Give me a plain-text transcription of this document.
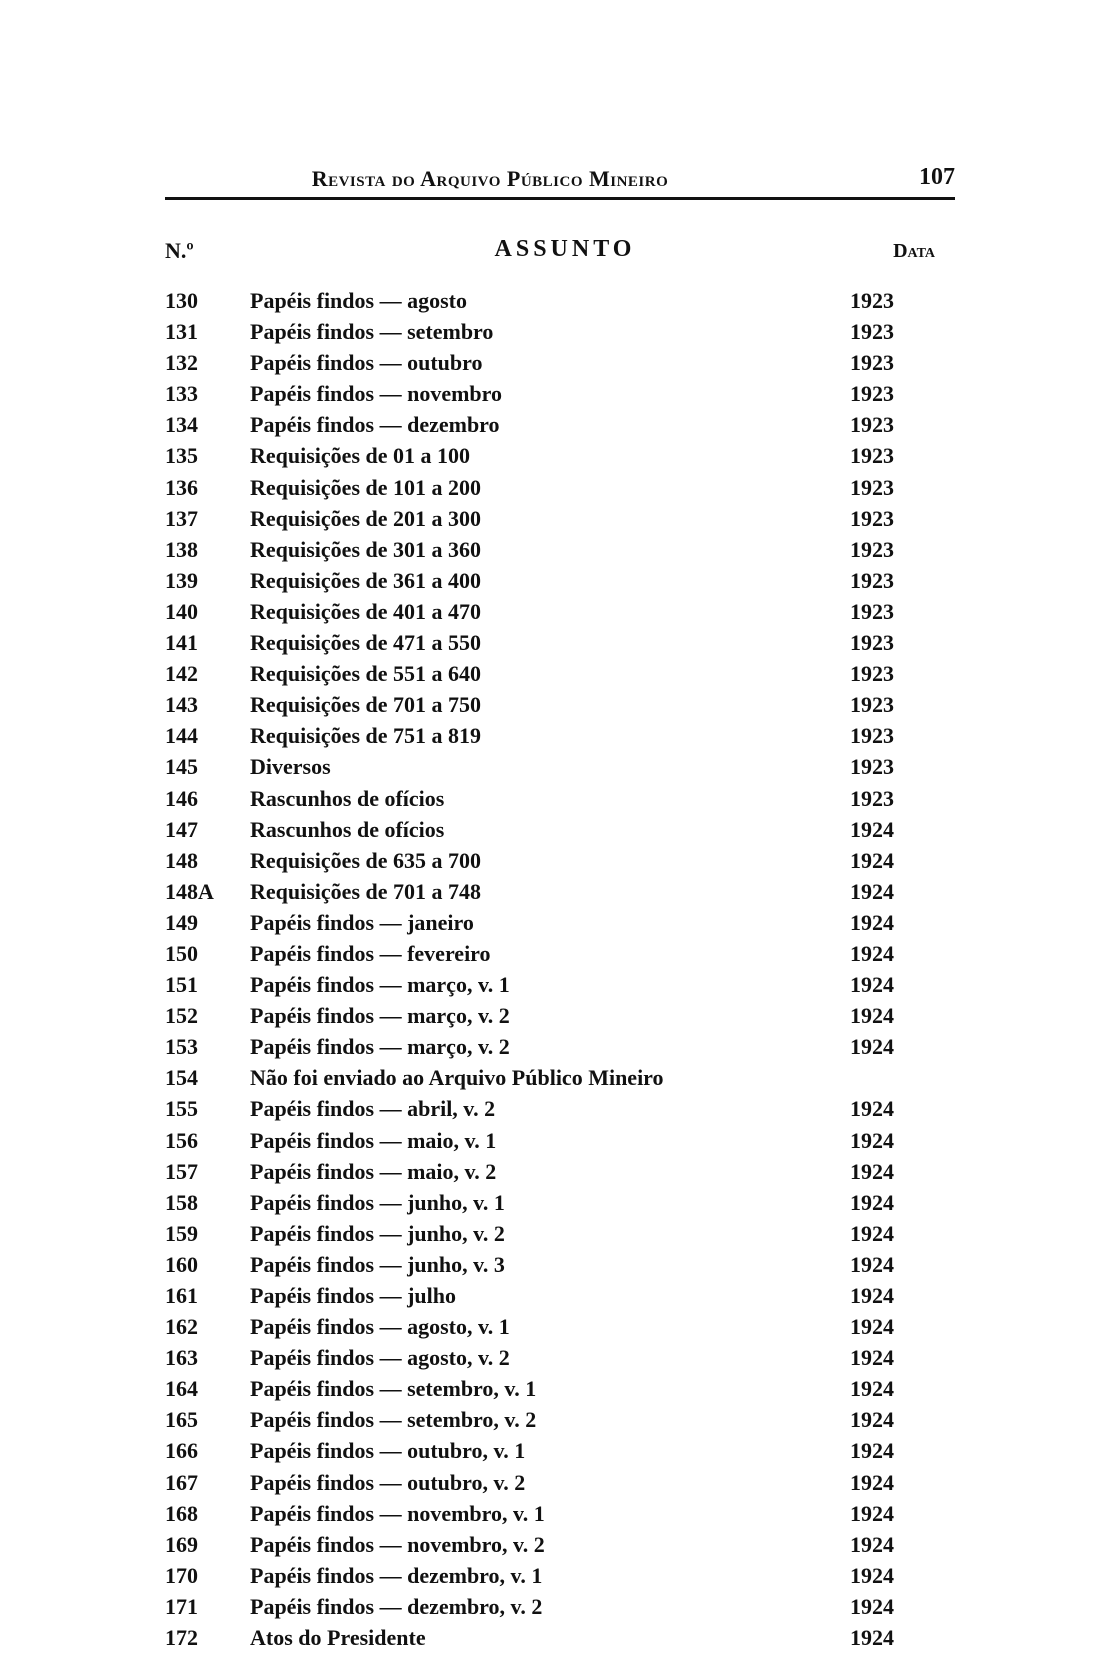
Revista do Arquivo Público Mineiro	107
N.º	ASSUNTO	Data
130	Papéis findos — agosto	1923
131	Papéis findos — setembro	1923
132	Papéis findos — outubro	1923
133	Papéis findos — novembro	1923
134	Papéis findos — dezembro	1923
135	Requisições de 01 a 100	1923
136	Requisições de 101 a 200	1923
137	Requisições de 201 a 300	1923
138	Requisições de 301 a 360	1923
139	Requisições de 361 a 400	1923
140	Requisições de 401 a 470	1923
141	Requisições de 471 a 550	1923
142	Requisições de 551 a 640	1923
143	Requisições de 701 a 750	1923
144	Requisições de 751 a 819	1923
145	Diversos	1923
146	Rascunhos de ofícios	1923
147	Rascunhos de ofícios	1924
148	Requisições de 635 a 700	1924
148A	Requisições de 701 a 748	1924
149	Papéis findos — janeiro	1924
150	Papéis findos — fevereiro	1924
151	Papéis findos — março, v. 1	1924
152	Papéis findos — março, v. 2	1924
153	Papéis findos — março, v. 2	1924
154	Não foi enviado ao Arquivo Público Mineiro
155	Papéis findos — abril, v. 2	1924
156	Papéis findos — maio, v. 1	1924
157	Papéis findos — maio, v. 2	1924
158	Papéis findos — junho, v. 1	1924
159	Papéis findos — junho, v. 2	1924
160	Papéis findos — junho, v. 3	1924
161	Papéis findos — julho	1924
162	Papéis findos — agosto, v. 1	1924
163	Papéis findos — agosto, v. 2	1924
164	Papéis findos — setembro, v. 1	1924
165	Papéis findos — setembro, v. 2	1924
166	Papéis findos — outubro, v. 1	1924
167	Papéis findos — outubro, v. 2	1924
168	Papéis findos — novembro, v. 1	1924
169	Papéis findos — novembro, v. 2	1924
170	Papéis findos — dezembro, v. 1	1924
171	Papéis findos — dezembro, v. 2	1924
172	Atos do Presidente	1924
